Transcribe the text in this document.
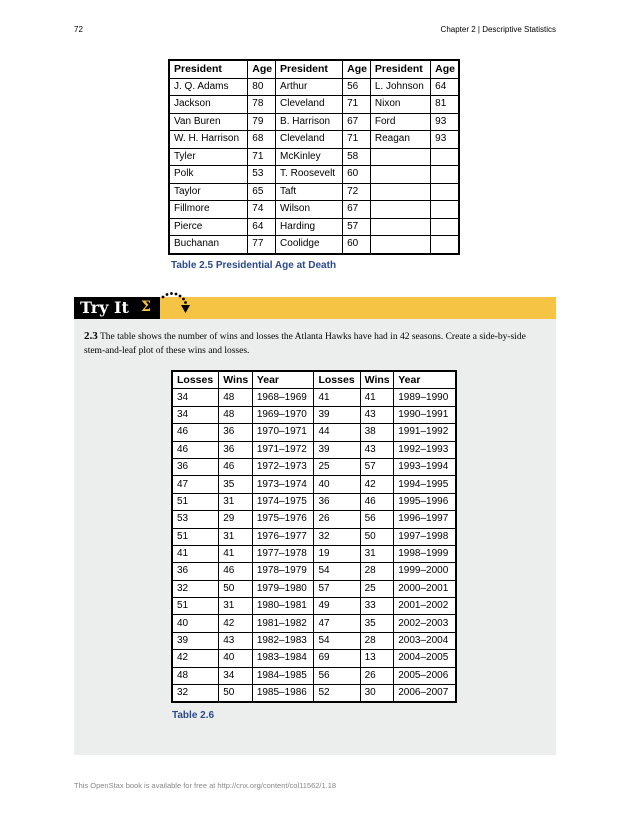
72	Chapter 2 | Descriptive Statistics
President	Age	President	Age	President	Age
J. Q. Adams	80	Arthur	56	L. Johnson	64
Jackson	78	Cleveland	71	Nixon	81
Van Buren	79	B. Harrison	67	Ford	93
W. H. Harrison	68	Cleveland	71	Reagan	93
Tyler	71	McKinley	58		
Polk	53	T. Roosevelt	60		
Taylor	65	Taft	72		
Fillmore	74	Wilson	67		
Pierce	64	Harding	57		
Buchanan	77	Coolidge	60		
Table 2.5 Presidential Age at Death
Try It Σ
2.3 The table shows the number of wins and losses the Atlanta Hawks have had in 42 seasons. Create a side-by-side stem-and-leaf plot of these wins and losses.
Losses	Wins	Year	Losses	Wins	Year
34	48	1968–1969	41	41	1989–1990
34	48	1969–1970	39	43	1990–1991
46	36	1970–1971	44	38	1991–1992
46	36	1971–1972	39	43	1992–1993
36	46	1972–1973	25	57	1993–1994
47	35	1973–1974	40	42	1994–1995
51	31	1974–1975	36	46	1995–1996
53	29	1975–1976	26	56	1996–1997
51	31	1976–1977	32	50	1997–1998
41	41	1977–1978	19	31	1998–1999
36	46	1978–1979	54	28	1999–2000
32	50	1979–1980	57	25	2000–2001
51	31	1980–1981	49	33	2001–2002
40	42	1981–1982	47	35	2002–2003
39	43	1982–1983	54	28	2003–2004
42	40	1983–1984	69	13	2004–2005
48	34	1984–1985	56	26	2005–2006
32	50	1985–1986	52	30	2006–2007
Table 2.6
This OpenStax book is available for free at http://cnx.org/content/col11562/1.18
